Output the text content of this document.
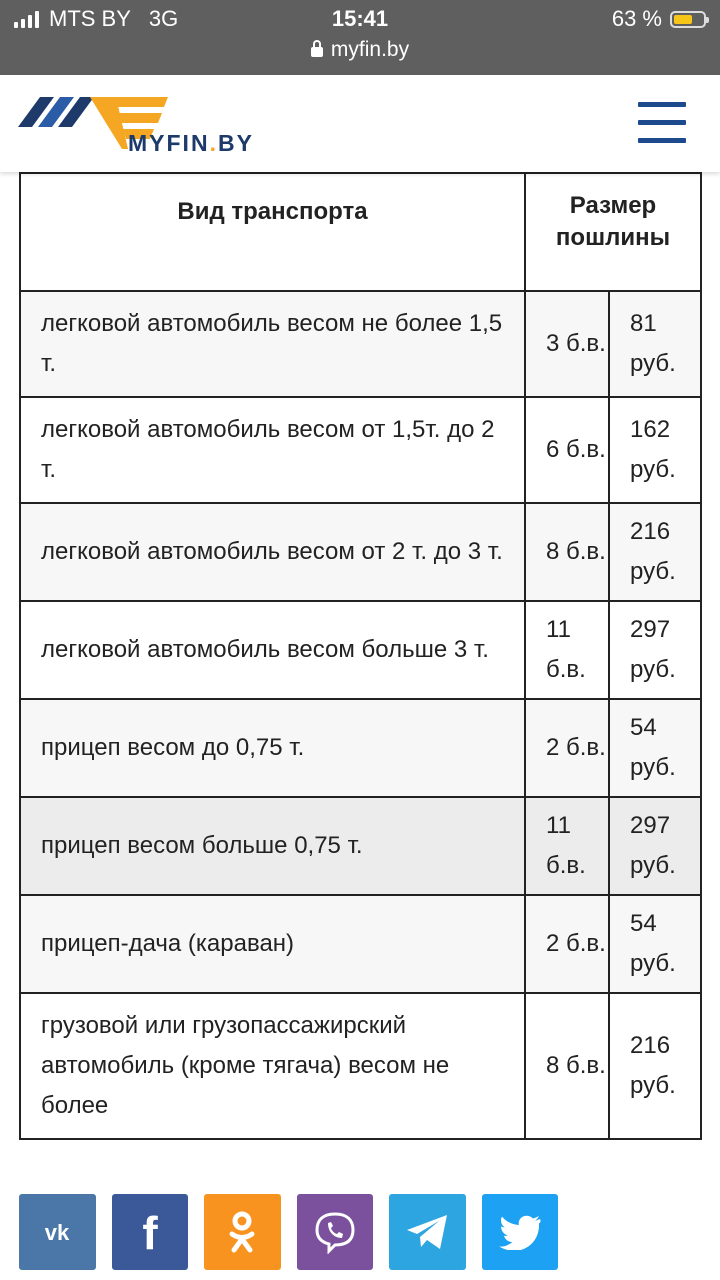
MTS BY 3G	15:41	63 %
myfin.by
MYFIN.BY
Вид транспорта	Размер пошлины	
легковой автомобиль весом не более 1,5 т.	3 б.в.	81 руб.
легковой автомобиль весом от 1,5т. до 2 т.	6 б.в.	162 руб.
легковой автомобиль весом от 2 т. до 3 т.	8 б.в.	216 руб.
легковой автомобиль весом больше 3 т.	11 б.в.	297 руб.
прицеп весом до 0,75 т.	2 б.в.	54 руб.
прицеп весом больше 0,75 т.	11 б.в.	297 руб.
прицеп-дача (караван)	2 б.в.	54 руб.
грузовой или грузопассажирский автомобиль (кроме тягача) весом не более	8 б.в.	216 руб.
vk f
